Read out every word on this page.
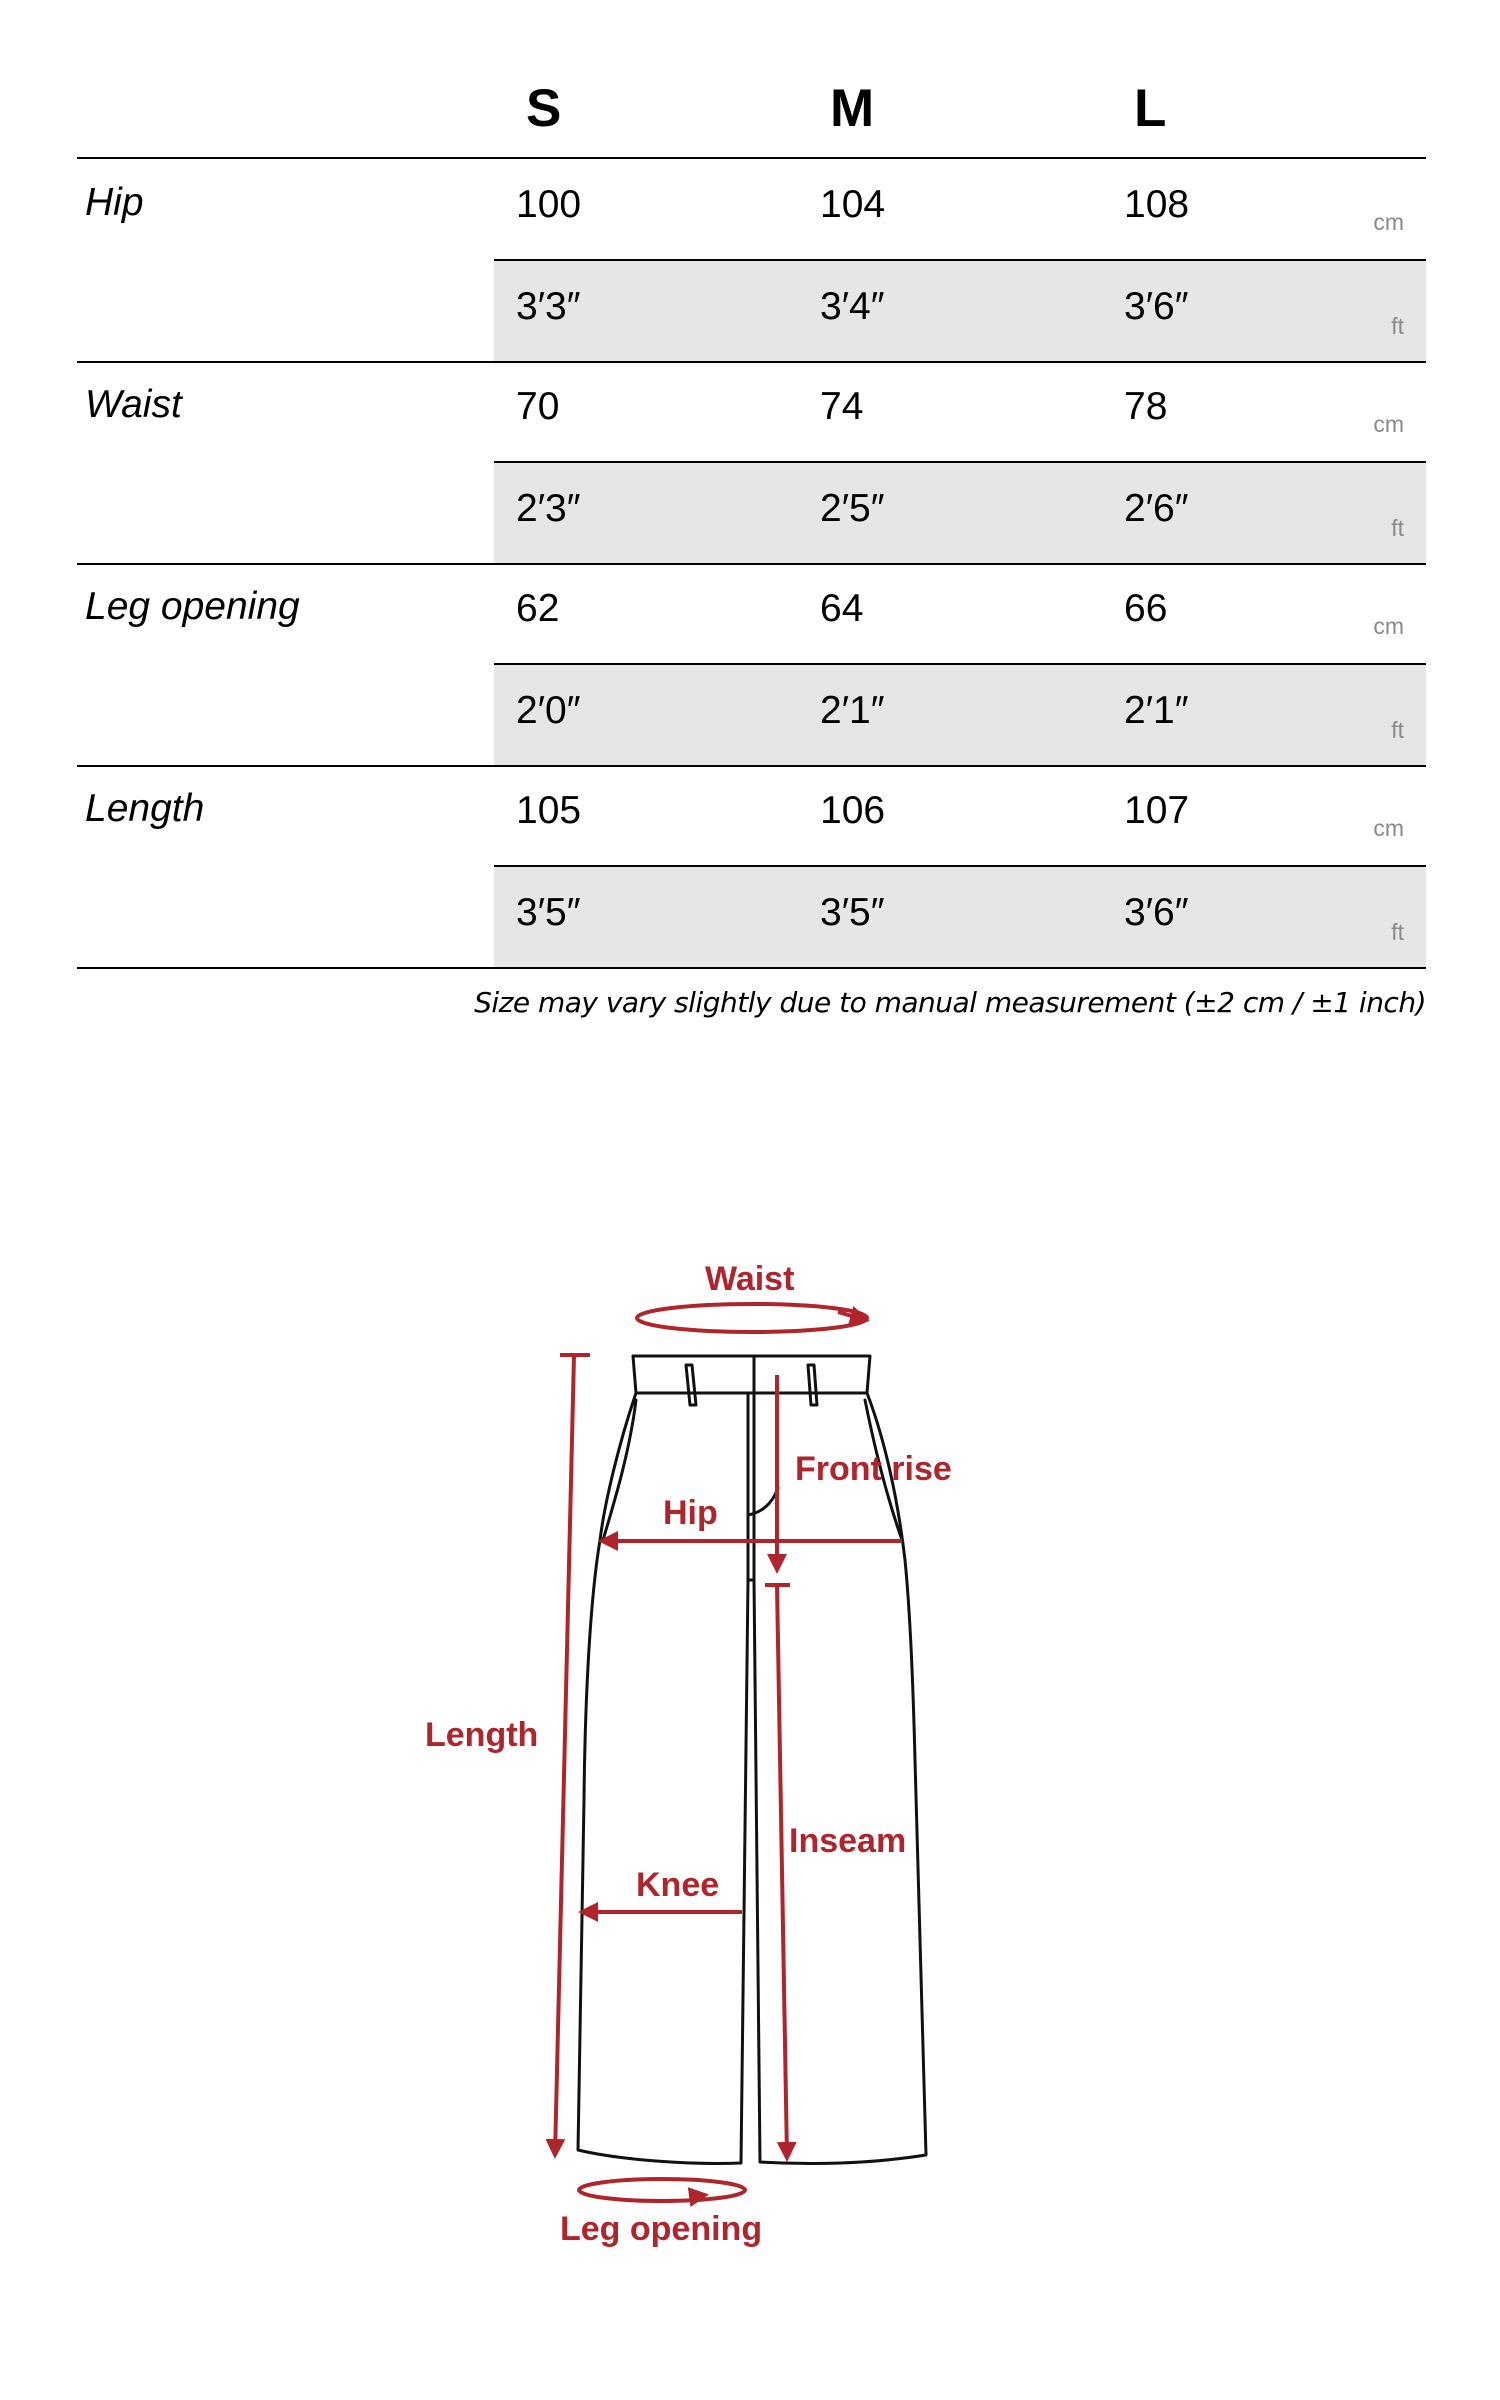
S	M	L
Hip	100	104	108	cm
3′3″	3′4″	3′6″	ft
Waist	70	74	78	cm
2′3″	2′5″	2′6″	ft
Leg opening	62	64	66	cm
2′0″	2′1″	2′1″	ft
Length	105	106	107	cm
3′5″	3′5″	3′6″	ft
Size may vary slightly due to manual measurement (±2 cm / ±1 inch)
Waist
Front rise
Hip
Length
Inseam
Knee
Leg opening
